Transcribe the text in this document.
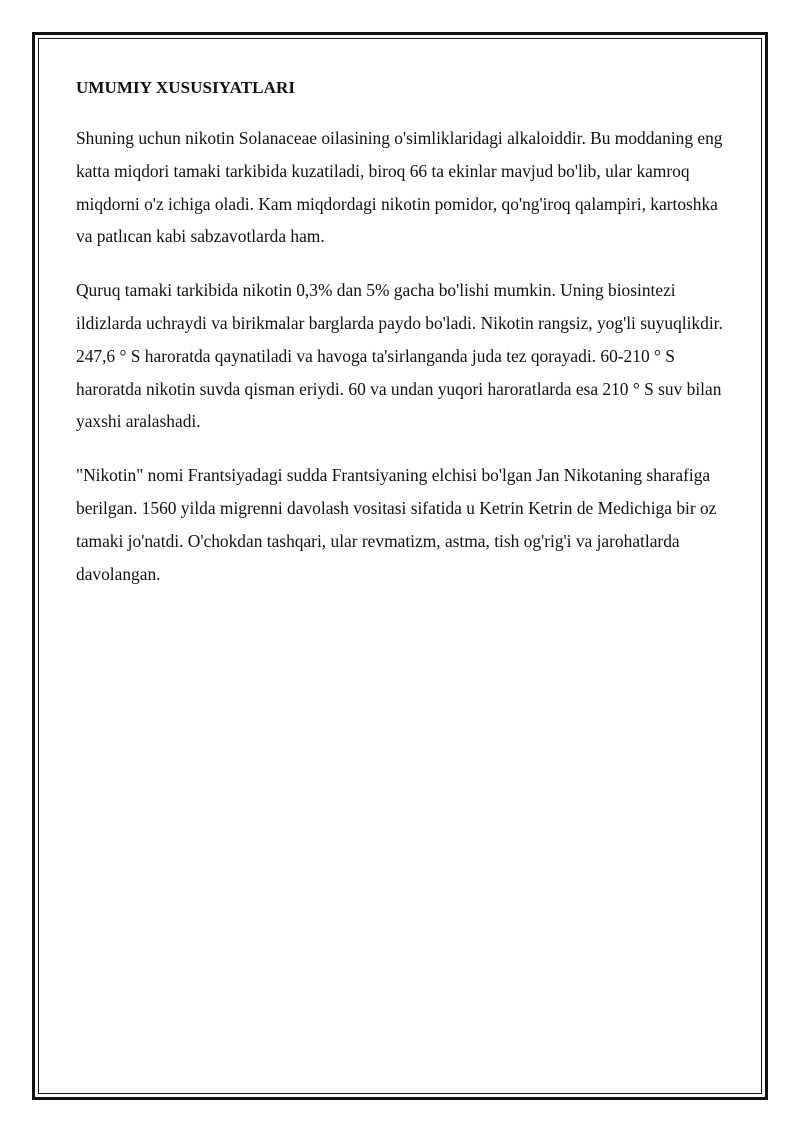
UMUMIY XUSUSIYATLARI

Shuning uchun nikotin Solanaceae oilasining o'simliklaridagi alkaloiddir. Bu moddaning eng katta miqdori tamaki tarkibida kuzatiladi, biroq 66 ta ekinlar mavjud bo'lib, ular kamroq miqdorni o'z ichiga oladi. Kam miqdordagi nikotin pomidor, qo'ng'iroq qalampiri, kartoshka va patlıcan kabi sabzavotlarda ham.

Quruq tamaki tarkibida nikotin 0,3% dan 5% gacha bo'lishi mumkin. Uning biosintezi ildizlarda uchraydi va birikmalar barglarda paydo bo'ladi. Nikotin rangsiz, yog'li suyuqlikdir. 247,6 ° S haroratda qaynatiladi va havoga ta'sirlanganda juda tez qorayadi. 60-210 ° S haroratda nikotin suvda qisman eriydi. 60 va undan yuqori haroratlarda esa 210 ° S suv bilan yaxshi aralashadi.

"Nikotin" nomi Frantsiyadagi sudda Frantsiyaning elchisi bo'lgan Jan Nikotaning sharafiga berilgan. 1560 yilda migrenni davolash vositasi sifatida u Ketrin Ketrin de Medichiga bir oz tamaki jo'natdi. O'chokdan tashqari, ular revmatizm, astma, tish og'rig'i va jarohatlarda davolangan.
